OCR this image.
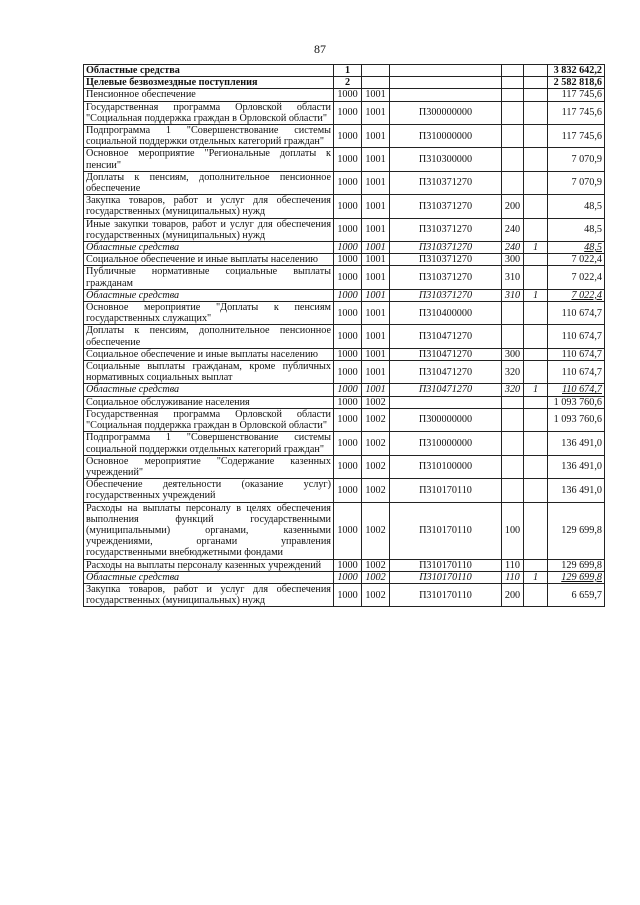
87
Областные средства	1					3 832 642,2
Целевые безвозмездные поступления	2					2 582 818,6
Пенсионное обеспечение	1000	1001				117 745,6
Государственная программа Орловской области "Социальная поддержка граждан в Орловской области"	1000	1001	П300000000			117 745,6
Подпрограмма 1 "Совершенствование системы социальной поддержки отдельных категорий граждан"	1000	1001	П310000000			117 745,6
Основное мероприятие "Региональные доплаты к пенсии"	1000	1001	П310300000			7 070,9
Доплаты к пенсиям, дополнительное пенсионное обеспечение	1000	1001	П310371270			7 070,9
Закупка товаров, работ и услуг для обеспечения государственных (муниципальных) нужд	1000	1001	П310371270	200		48,5
Иные закупки товаров, работ и услуг для обеспечения государственных (муниципальных) нужд	1000	1001	П310371270	240		48,5
Областные средства	1000	1001	П310371270	240	1	48,5
Социальное обеспечение и иные выплаты населению	1000	1001	П310371270	300		7 022,4
Публичные нормативные социальные выплаты гражданам	1000	1001	П310371270	310		7 022,4
Областные средства	1000	1001	П310371270	310	1	7 022,4
Основное мероприятие "Доплаты к пенсиям государственных служащих"	1000	1001	П310400000			110 674,7
Доплаты к пенсиям, дополнительное пенсионное обеспечение	1000	1001	П310471270			110 674,7
Социальное обеспечение и иные выплаты населению	1000	1001	П310471270	300		110 674,7
Социальные выплаты гражданам, кроме публичных нормативных социальных выплат	1000	1001	П310471270	320		110 674,7
Областные средства	1000	1001	П310471270	320	1	110 674,7
Социальное обслуживание населения	1000	1002				1 093 760,6
Государственная программа Орловской области "Социальная поддержка граждан в Орловской области"	1000	1002	П300000000			1 093 760,6
Подпрограмма 1 "Совершенствование системы социальной поддержки отдельных категорий граждан"	1000	1002	П310000000			136 491,0
Основное мероприятие "Содержание казенных учреждений"	1000	1002	П310100000			136 491,0
Обеспечение деятельности (оказание услуг) государственных учреждений	1000	1002	П310170110			136 491,0
Расходы на выплаты персоналу в целях обеспечения выполнения функций государственными (муниципальными) органами, казенными учреждениями, органами управления государственными внебюджетными фондами	1000	1002	П310170110	100		129 699,8
Расходы на выплаты персоналу казенных учреждений	1000	1002	П310170110	110		129 699,8
Областные средства	1000	1002	П310170110	110	1	129 699,8
Закупка товаров, работ и услуг для обеспечения государственных (муниципальных) нужд	1000	1002	П310170110	200		6 659,7
